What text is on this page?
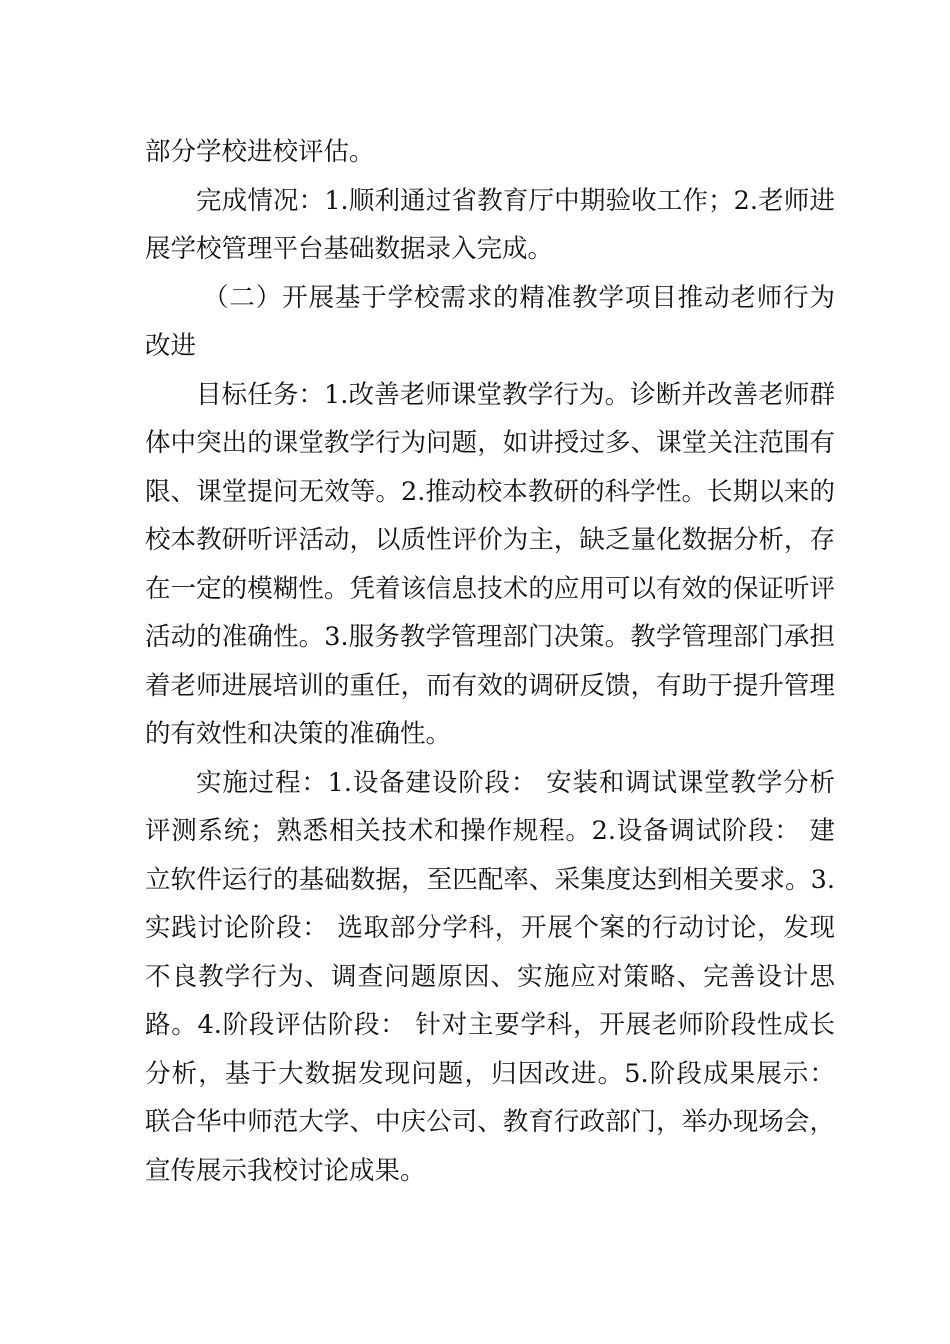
部分学校进校评估。

完成情况：1.顺利通过省教育厅中期验收工作；2.老师进展学校管理平台基础数据录入完成。

（二）开展基于学校需求的精准教学项目推动老师行为改进

目标任务：1.改善老师课堂教学行为。诊断并改善老师群体中突出的课堂教学行为问题，如讲授过多、课堂关注范围有限、课堂提问无效等。2.推动校本教研的科学性。长期以来的校本教研听评活动，以质性评价为主，缺乏量化数据分析，存在一定的模糊性。凭着该信息技术的应用可以有效的保证听评活动的准确性。3.服务教学管理部门决策。教学管理部门承担着老师进展培训的重任，而有效的调研反馈，有助于提升管理的有效性和决策的准确性。

实施过程：1.设备建设阶段： 安装和调试课堂教学分析评测系统；熟悉相关技术和操作规程。2.设备调试阶段： 建立软件运行的基础数据，至匹配率、采集度达到相关要求。3.实践讨论阶段： 选取部分学科，开展个案的行动讨论，发现不良教学行为、调查问题原因、实施应对策略、完善设计思路。4.阶段评估阶段： 针对主要学科，开展老师阶段性成长分析，基于大数据发现问题，归因改进。5.阶段成果展示： 联合华中师范大学、中庆公司、教育行政部门，举办现场会，宣传展示我校讨论成果。
